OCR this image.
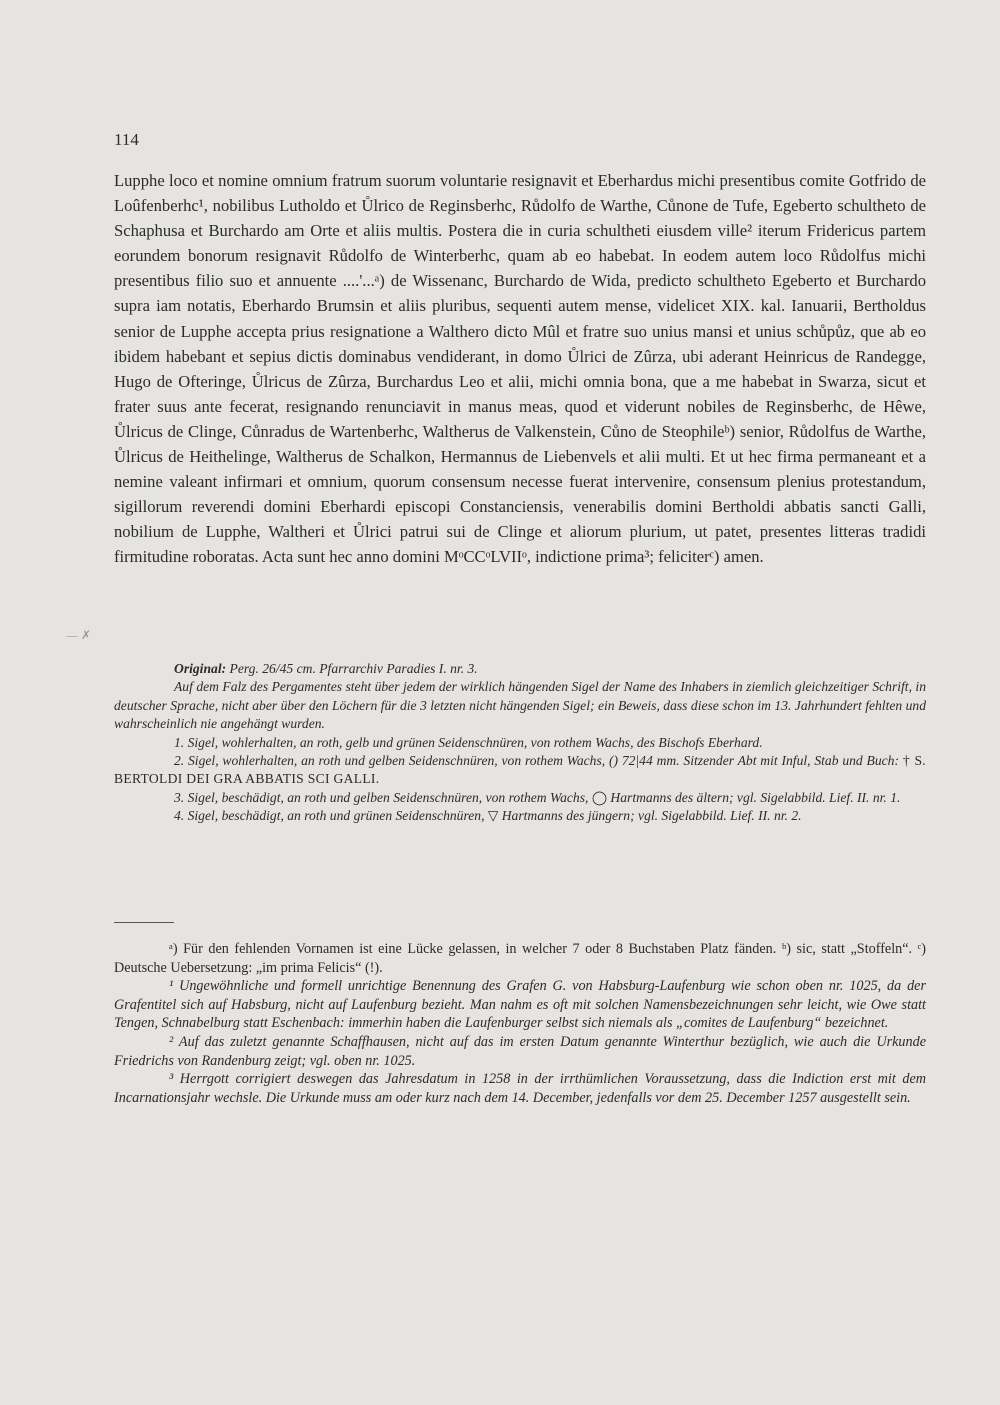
114

Lupphe loco et nomine omnium fratrum suorum voluntarie resignavit et Eberhardus michi presentibus comite Gotfrido de Loûfenberhc¹, nobilibus Lutholdo et Ůlrico de Reginsberhc, Růdolfo de Warthe, Cůnone de Tufe, Egeberto schultheto de Schaphusa et Burchardo am Orte et aliis multis. Postera die in curia schultheti eiusdem ville² iterum Fridericus partem eorundem bonorum resignavit Růdolfo de Winterberhc, quam ab eo habebat. In eodem autem loco Růdolfus michi presentibus filio suo et annuente ....'...ᵃ) de Wissenanc, Burchardo de Wida, predicto schultheto Egeberto et Burchardo supra iam notatis, Eberhardo Brumsin et aliis pluribus, sequenti autem mense, videlicet XIX. kal. Ianuarii, Bertholdus senior de Lupphe accepta prius resignatione a Walthero dicto Mûl et fratre suo unius mansi et unius schůpůz, que ab eo ibidem habebant et sepius dictis dominabus vendiderant, in domo Ůlrici de Zûrza, ubi aderant Heinricus de Randegge, Hugo de Ofteringe, Ůlricus de Zûrza, Burchardus Leo et alii, michi omnia bona, que a me habebat in Swarza, sicut et frater suus ante fecerat, resignando renunciavit in manus meas, quod et viderunt nobiles de Reginsberhc, de Hêwe, Ůlricus de Clinge, Cůnradus de Wartenberhc, Waltherus de Valkenstein, Cůno de Steophileᵇ) senior, Růdolfus de Warthe, Ůlricus de Heithelinge, Waltherus de Schalkon, Hermannus de Liebenvels et alii multi. Et ut hec firma permaneant et a nemine valeant infirmari et omnium, quorum consensum necesse fuerat intervenire, consensum plenius protestandum, sigillorum reverendi domini Eberhardi episcopi Constanciensis, venerabilis domini Bertholdi abbatis sancti Galli, nobilium de Lupphe, Waltheri et Ůlrici patrui sui de Clinge et aliorum plurium, ut patet, presentes litteras tradidi firmitudine roboratas. Acta sunt hec anno domini MᵒCCᵒLVIIᵒ, indictione prima³; feliciterᶜ) amen.

— ✗

Original: Perg. 26/45 cm. Pfarrarchiv Paradies I. nr. 3.

Auf dem Falz des Pergamentes steht über jedem der wirklich hängenden Sigel der Name des Inhabers in ziemlich gleichzeitiger Schrift, in deutscher Sprache, nicht aber über den Löchern für die 3 letzten nicht hängenden Sigel; ein Beweis, dass diese schon im 13. Jahrhundert fehlten und wahrscheinlich nie angehängt wurden.

1. Sigel, wohlerhalten, an roth, gelb und grünen Seidenschnüren, von rothem Wachs, des Bischofs Eberhard.

2. Sigel, wohlerhalten, an roth und gelben Seidenschnüren, von rothem Wachs, () 72|44 mm. Sitzender Abt mit Inful, Stab und Buch: † S. BERTOLDI DEI GRA ABBATIS SCI GALLI.

3. Sigel, beschädigt, an roth und gelben Seidenschnüren, von rothem Wachs, ◯ Hartmanns des ältern; vgl. Sigelabbild. Lief. II. nr. 1.

4. Sigel, beschädigt, an roth und grünen Seidenschnüren, ▽ Hartmanns des jüngern; vgl. Sigelabbild. Lief. II. nr. 2.

ᵃ) Für den fehlenden Vornamen ist eine Lücke gelassen, in welcher 7 oder 8 Buchstaben Platz fänden. ᵇ) sic, statt „Stoffeln“. ᶜ) Deutsche Uebersetzung: „im prima Felicis“ (!).

¹ Ungewöhnliche und formell unrichtige Benennung des Grafen G. von Habsburg-Laufenburg wie schon oben nr. 1025, da der Grafentitel sich auf Habsburg, nicht auf Laufenburg bezieht. Man nahm es oft mit solchen Namensbezeichnungen sehr leicht, wie Owe statt Tengen, Schnabelburg statt Eschenbach: immerhin haben die Laufenburger selbst sich niemals als „comites de Laufenburg“ bezeichnet.

² Auf das zuletzt genannte Schaffhausen, nicht auf das im ersten Datum genannte Winterthur bezüglich, wie auch die Urkunde Friedrichs von Randenburg zeigt; vgl. oben nr. 1025.

³ Herrgott corrigiert deswegen das Jahresdatum in 1258 in der irrthümlichen Voraussetzung, dass die Indiction erst mit dem Incarnationsjahr wechsle. Die Urkunde muss am oder kurz nach dem 14. December, jedenfalls vor dem 25. December 1257 ausgestellt sein.
